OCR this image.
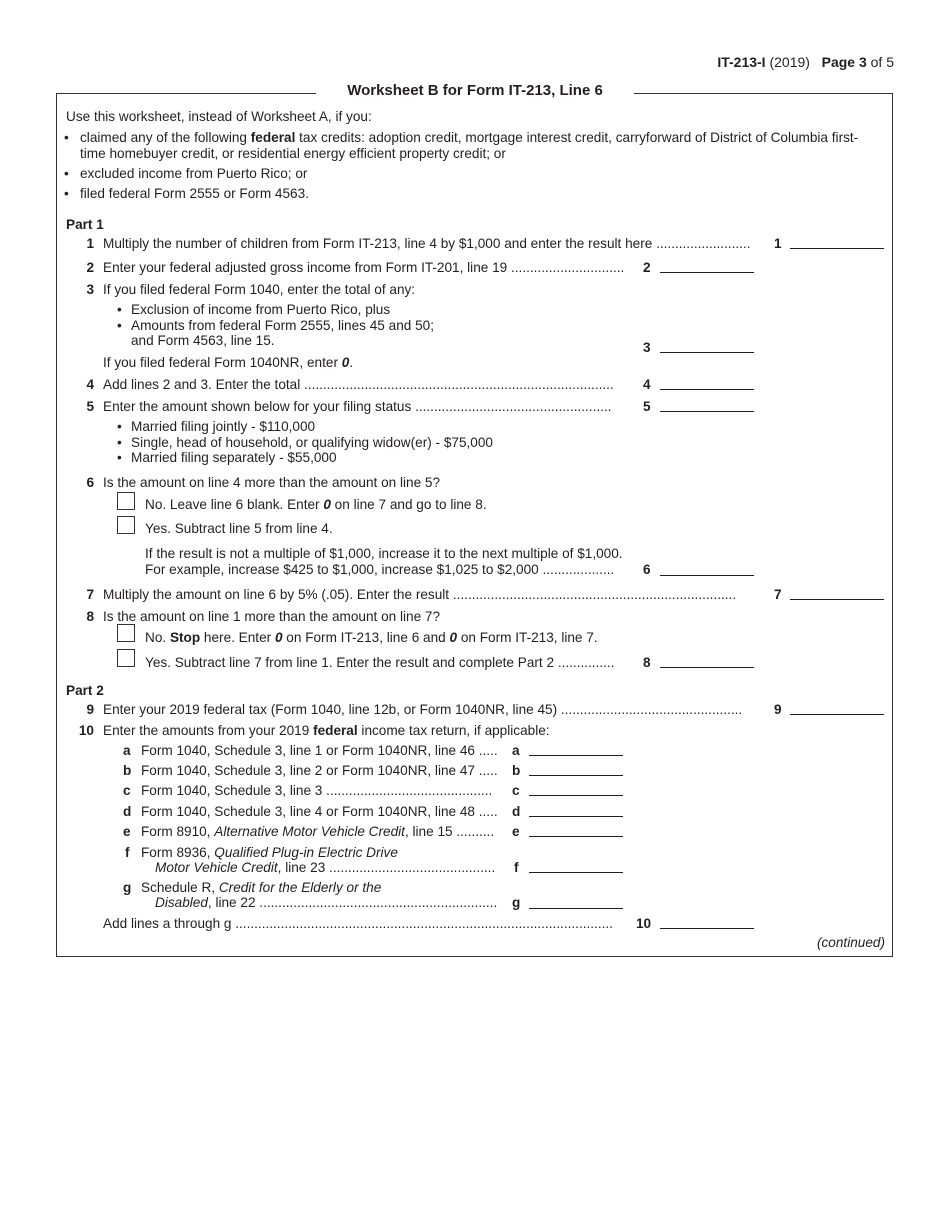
IT-213-I (2019) Page 3 of 5
Worksheet B for Form IT-213, Line 6
Use this worksheet, instead of Worksheet A, if you:
• claimed any of the following federal tax credits: adoption credit, mortgage interest credit, carryforward of District of Columbia first-
time homebuyer credit, or residential energy efficient property credit; or
• excluded income from Puerto Rico; or
• filed federal Form 2555 or Form 4563.
Part 1
1 Multiply the number of children from Form IT-213, line 4 by $1,000 and enter the result here ......................... 1
2 Enter your federal adjusted gross income from Form IT-201, line 19 .............................. 2
3 If you filed federal Form 1040, enter the total of any:
• Exclusion of income from Puerto Rico, plus
• Amounts from federal Form 2555, lines 45 and 50;
and Form 4563, line 15.	3
If you filed federal Form 1040NR, enter 0.
4 Add lines 2 and 3. Enter the total .................................................................................. 4
5 Enter the amount shown below for your filing status .................................................... 5
• Married filing jointly - $110,000
• Single, head of household, or qualifying widow(er) - $75,000
• Married filing separately - $55,000
6 Is the amount on line 4 more than the amount on line 5?
No. Leave line 6 blank. Enter 0 on line 7 and go to line 8.
Yes. Subtract line 5 from line 4.
If the result is not a multiple of $1,000, increase it to the next multiple of $1,000.
For example, increase $425 to $1,000, increase $1,025 to $2,000 ................... 6
7 Multiply the amount on line 6 by 5% (.05). Enter the result ...........................................................................	7
8 Is the amount on line 1 more than the amount on line 7?
No. Stop here. Enter 0 on Form IT-213, line 6 and 0 on Form IT-213, line 7.
Yes. Subtract line 7 from line 1. Enter the result and complete Part 2 ............... 8
Part 2
9 Enter your 2019 federal tax (Form 1040, line 12b, or Form 1040NR, line 45) ................................................ 9
10 Enter the amounts from your 2019 federal income tax return, if applicable:
a Form 1040, Schedule 3, line 1 or Form 1040NR, line 46 ..... a
b Form 1040, Schedule 3, line 2 or Form 1040NR, line 47 ..... b
c Form 1040, Schedule 3, line 3 ............................................ c
d Form 1040, Schedule 3, line 4 or Form 1040NR, line 48 ..... d
e Form 8910, Alternative Motor Vehicle Credit, line 15 .......... e
f Form 8936, Qualified Plug-in Electric Drive
Motor Vehicle Credit, line 23 ............................................ f
g Schedule R, Credit for the Elderly or the
Disabled, line 22 ............................................................... g
Add lines a through g .................................................................................................... 10
(continued)
